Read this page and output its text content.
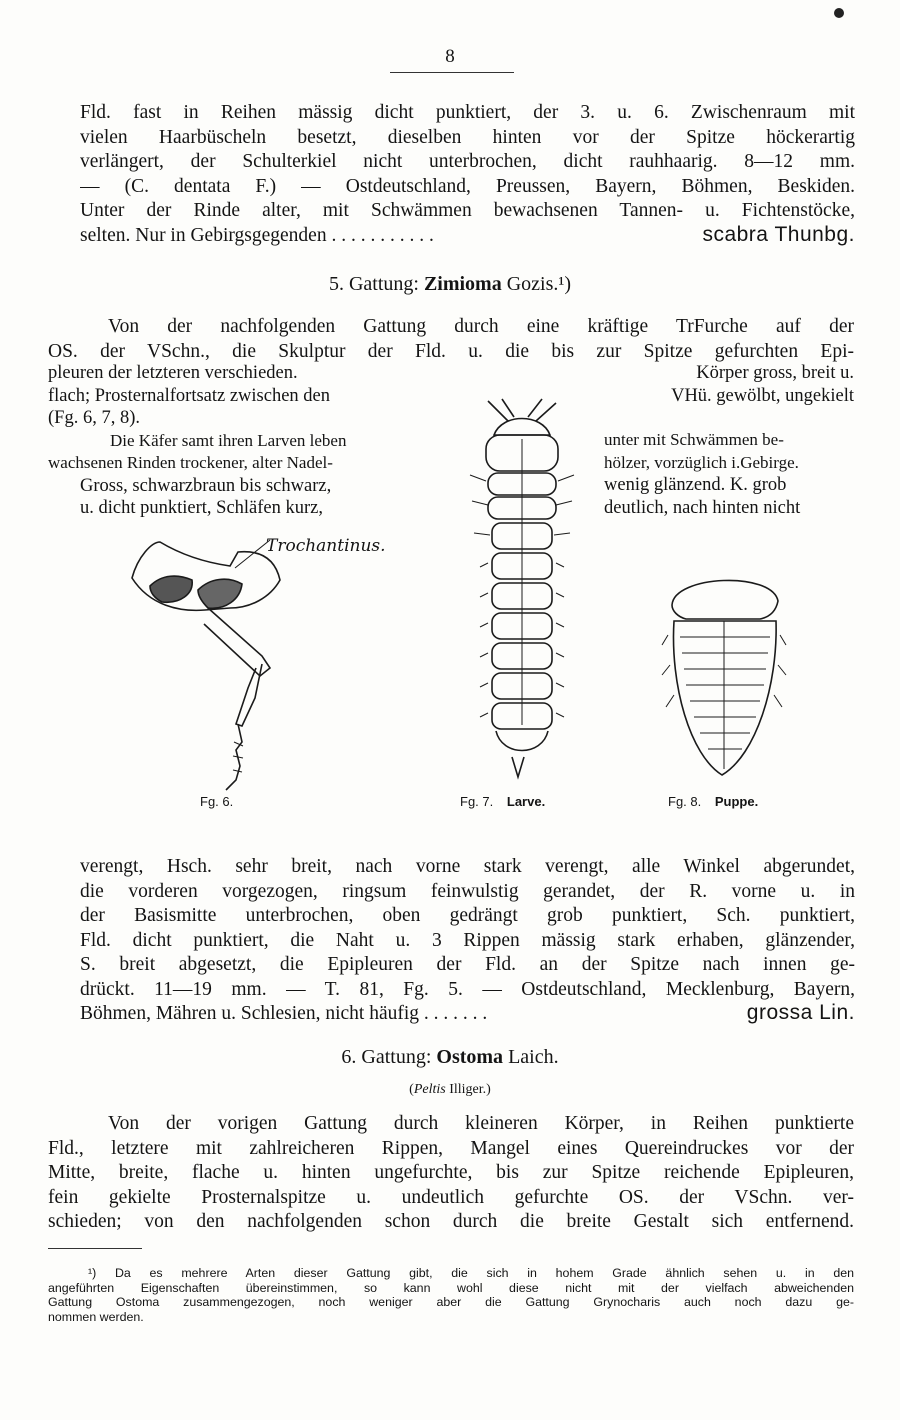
8
Fld. fast in Reihen mässig dicht punktiert, der 3. u. 6. Zwischenraum mit
vielen Haarbüscheln besetzt, dieselben hinten vor der Spitze höckerartig
verlängert, der Schulterkiel nicht unterbrochen, dicht rauhhaarig. 8—12 mm.
— (C. dentata F.) — Ostdeutschland, Preussen, Bayern, Böhmen, Beskiden.
Unter der Rinde alter, mit Schwämmen bewachsenen Tannen- u. Fichtenstöcke,
selten. Nur in Gebirgsgegenden . . . . . . . . . . .	scabra Thunbg.
5. Gattung: Zimioma Gozis.¹)
Von der nachfolgenden Gattung durch eine kräftige TrFurche auf der
OS. der VSchn., die Skulptur der Fld. u. die bis zur Spitze gefurchten Epi-
pleuren der letzteren verschieden.
flach; Prosternalfortsatz zwischen den
(Fg. 6, 7, 8).
Die Käfer samt ihren Larven leben
wachsenen Rinden trockener, alter Nadel-
Gross, schwarzbraun bis schwarz,
u. dicht punktiert, Schläfen kurz,
Körper gross, breit u.
VHü. gewölbt, ungekielt
unter mit Schwämmen be-
hölzer, vorzüglich i.Gebirge.
wenig glänzend. K. grob
deutlich, nach hinten nicht
Trochantinus.
Fg. 6.	Fg. 7. Larve.	Fg. 8. Puppe.
verengt, Hsch. sehr breit, nach vorne stark verengt, alle Winkel abgerundet,
die vorderen vorgezogen, ringsum feinwulstig gerandet, der R. vorne u. in
der Basismitte unterbrochen, oben gedrängt grob punktiert, Sch. punktiert,
Fld. dicht punktiert, die Naht u. 3 Rippen mässig stark erhaben, glänzender,
S. breit abgesetzt, die Epipleuren der Fld. an der Spitze nach innen ge-
drückt. 11—19 mm. — T. 81, Fg. 5. — Ostdeutschland, Mecklenburg, Bayern,
Böhmen, Mähren u. Schlesien, nicht häufig . . . . . . .	grossa Lin.
6. Gattung: Ostoma Laich.
(Peltis Illiger.)
Von der vorigen Gattung durch kleineren Körper, in Reihen punktierte
Fld., letztere mit zahlreicheren Rippen, Mangel eines Quereindruckes vor der
Mitte, breite, flache u. hinten ungefurchte, bis zur Spitze reichende Epipleuren,
fein gekielte Prosternalspitze u. undeutlich gefurchte OS. der VSchn. ver-
schieden; von den nachfolgenden schon durch die breite Gestalt sich entfernend.
¹) Da es mehrere Arten dieser Gattung gibt, die sich in hohem Grade ähnlich sehen u. in den
angeführten Eigenschaften übereinstimmen, so kann wohl diese nicht mit der vielfach abweichenden
Gattung Ostoma zusammengezogen, noch weniger aber die Gattung Grynocharis auch noch dazu ge-
nommen werden.
